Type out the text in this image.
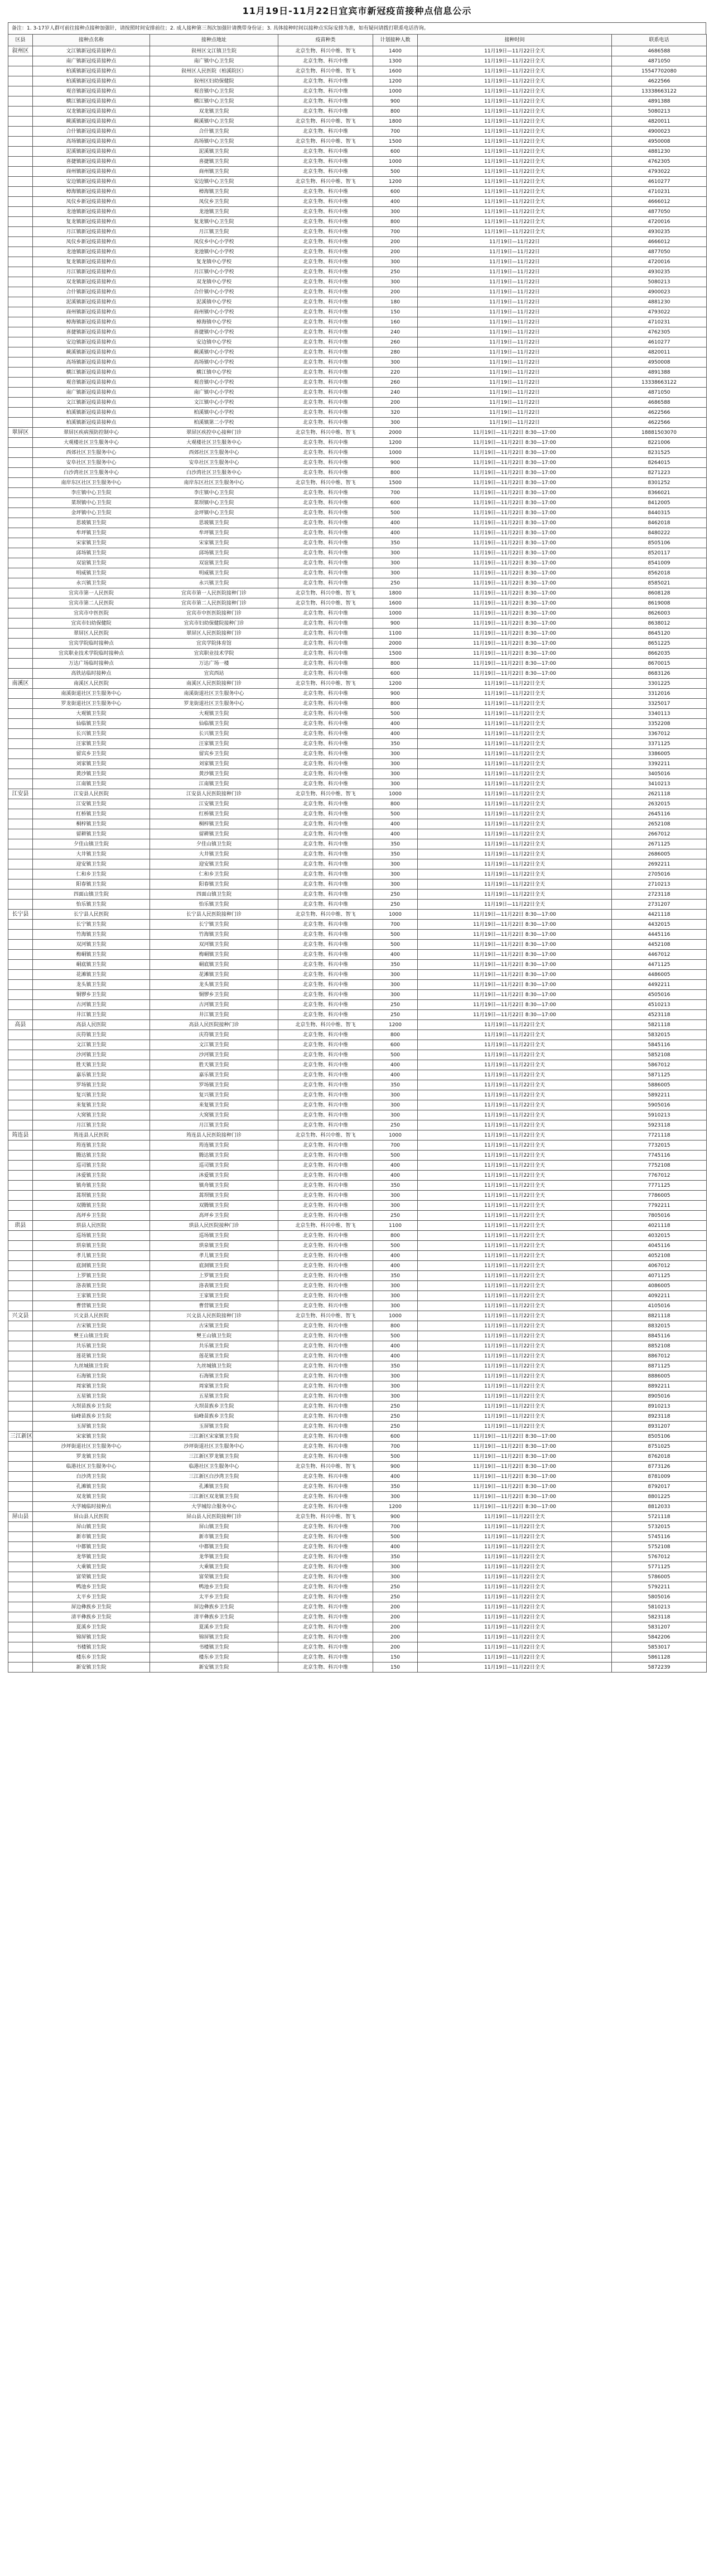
11月19日-11月22日宜宾市新冠疫苗接种点信息公示
备注：1. 3-17岁人群可前往接种点接种加强针，请按照时间安排前往；2. 成人接种第三剂次加强针请携带身份证；3. 具体接种时间以接种点实际安排为准，如有疑问请拨打联系电话咨询。
区县	接种点名称	接种点地址	疫苗种类	计划接种人数	接种时间	联系电话
叙州区	文江镇新冠疫苗接种点	叙州区文江镇卫生院	北京生物、科兴中维、智飞	1400	11月19日—11月22日全天	4686588
	南广镇新冠疫苗接种点	南广镇中心卫生院	北京生物、科兴中维	1300	11月19日—11月22日全天	4871050
	柏溪镇新冠疫苗接种点	叙州区人民医院（柏溪院区）	北京生物、科兴中维、智飞	1600	11月19日—11月22日全天	15547702080
	柏溪镇新冠疫苗接种点	叙州区妇幼保健院	北京生物、科兴中维	1200	11月19日—11月22日全天	4622566
	观音镇新冠疫苗接种点	观音镇中心卫生院	北京生物、科兴中维	1000	11月19日—11月22日全天	13338663122
	横江镇新冠疫苗接种点	横江镇中心卫生院	北京生物、科兴中维	900	11月19日—11月22日全天	4891388
	双龙镇新冠疫苗接种点	双龙镇卫生院	北京生物、科兴中维	800	11月19日—11月22日全天	5080213
	蕨溪镇新冠疫苗接种点	蕨溪镇中心卫生院	北京生物、科兴中维、智飞	1800	11月19日—11月22日全天	4820011
	合什镇新冠疫苗接种点	合什镇卫生院	北京生物、科兴中维	700	11月19日—11月22日全天	4900023
	高场镇新冠疫苗接种点	高场镇中心卫生院	北京生物、科兴中维、智飞	1500	11月19日—11月22日全天	4950008
	泥溪镇新冠疫苗接种点	泥溪镇卫生院	北京生物、科兴中维	600	11月19日—11月22日全天	4881230
	喜捷镇新冠疫苗接种点	喜捷镇卫生院	北京生物、科兴中维	1000	11月19日—11月22日全天	4762305
	商州镇新冠疫苗接种点	商州镇卫生院	北京生物、科兴中维	500	11月19日—11月22日全天	4793022
	安边镇新冠疫苗接种点	安边镇中心卫生院	北京生物、科兴中维、智飞	1200	11月19日—11月22日全天	4610277
	樟海镇新冠疫苗接种点	樟海镇卫生院	北京生物、科兴中维	600	11月19日—11月22日全天	4710231
	凤仪乡新冠疫苗接种点	凤仪乡卫生院	北京生物、科兴中维	400	11月19日—11月22日全天	4666012
	龙池镇新冠疫苗接种点	龙池镇卫生院	北京生物、科兴中维	300	11月19日—11月22日全天	4877050
	复龙镇新冠疫苗接种点	复龙镇中心卫生院	北京生物、科兴中维	800	11月19日—11月22日全天	4720016
	月江镇新冠疫苗接种点	月江镇卫生院	北京生物、科兴中维	700	11月19日—11月22日全天	4930235
	凤仪乡新冠疫苗接种点	凤仪乡中心小学校	北京生物、科兴中维	200	11月19日—11月22日	4666012
	龙池镇新冠疫苗接种点	龙池镇中心小学校	北京生物、科兴中维	200	11月19日—11月22日	4877050
	复龙镇新冠疫苗接种点	复龙镇中心学校	北京生物、科兴中维	300	11月19日—11月22日	4720016
	月江镇新冠疫苗接种点	月江镇中心小学校	北京生物、科兴中维	250	11月19日—11月22日	4930235
	双龙镇新冠疫苗接种点	双龙镇中心学校	北京生物、科兴中维	300	11月19日—11月22日	5080213
	合什镇新冠疫苗接种点	合什镇中心小学校	北京生物、科兴中维	200	11月19日—11月22日	4900023
	泥溪镇新冠疫苗接种点	泥溪镇中心学校	北京生物、科兴中维	180	11月19日—11月22日	4881230
	商州镇新冠疫苗接种点	商州镇中心小学校	北京生物、科兴中维	150	11月19日—11月22日	4793022
	樟海镇新冠疫苗接种点	樟海镇中心学校	北京生物、科兴中维	160	11月19日—11月22日	4710231
	喜捷镇新冠疫苗接种点	喜捷镇中心小学校	北京生物、科兴中维	240	11月19日—11月22日	4762305
	安边镇新冠疫苗接种点	安边镇中心学校	北京生物、科兴中维	260	11月19日—11月22日	4610277
	蕨溪镇新冠疫苗接种点	蕨溪镇中心小学校	北京生物、科兴中维	280	11月19日—11月22日	4820011
	高场镇新冠疫苗接种点	高场镇中心小学校	北京生物、科兴中维	300	11月19日—11月22日	4950008
	横江镇新冠疫苗接种点	横江镇中心学校	北京生物、科兴中维	220	11月19日—11月22日	4891388
	观音镇新冠疫苗接种点	观音镇中心小学校	北京生物、科兴中维	260	11月19日—11月22日	13338663122
	南广镇新冠疫苗接种点	南广镇中心小学校	北京生物、科兴中维	240	11月19日—11月22日	4871050
	文江镇新冠疫苗接种点	文江镇中心小学校	北京生物、科兴中维	200	11月19日—11月22日	4686588
	柏溪镇新冠疫苗接种点	柏溪镇中心小学校	北京生物、科兴中维	320	11月19日—11月22日	4622566
	柏溪镇新冠疫苗接种点	柏溪镇第二小学校	北京生物、科兴中维	300	11月19日—11月22日	4622566
翠屏区	翠屏区疾病预防控制中心	翠屏区疾控中心接种门诊	北京生物、科兴中维、智飞	2000	11月19日—11月22日 8:30—17:00	18881503070
	大观楼社区卫生服务中心	大观楼社区卫生服务中心	北京生物、科兴中维	1200	11月19日—11月22日 8:30—17:00	8221006
	西郊社区卫生服务中心	西郊社区卫生服务中心	北京生物、科兴中维	1000	11月19日—11月22日 8:30—17:00	8231525
	安阜社区卫生服务中心	安阜社区卫生服务中心	北京生物、科兴中维	900	11月19日—11月22日 8:30—17:00	8264015
	白沙湾社区卫生服务中心	白沙湾社区卫生服务中心	北京生物、科兴中维	800	11月19日—11月22日 8:30—17:00	8271223
	南岸东区社区卫生服务中心	南岸东区社区卫生服务中心	北京生物、科兴中维、智飞	1500	11月19日—11月22日 8:30—17:00	8301252
	李庄镇中心卫生院	李庄镇中心卫生院	北京生物、科兴中维	700	11月19日—11月22日 8:30—17:00	8366021
	菜坝镇中心卫生院	菜坝镇中心卫生院	北京生物、科兴中维	600	11月19日—11月22日 8:30—17:00	8412005
	金坪镇中心卫生院	金坪镇中心卫生院	北京生物、科兴中维	500	11月19日—11月22日 8:30—17:00	8440315
	思坡镇卫生院	思坡镇卫生院	北京生物、科兴中维	400	11月19日—11月22日 8:30—17:00	8462018
	牟坪镇卫生院	牟坪镇卫生院	北京生物、科兴中维	400	11月19日—11月22日 8:30—17:00	8480222
	宋家镇卫生院	宋家镇卫生院	北京生物、科兴中维	350	11月19日—11月22日 8:30—17:00	8505106
	邱场镇卫生院	邱场镇卫生院	北京生物、科兴中维	300	11月19日—11月22日 8:30—17:00	8520117
	双谊镇卫生院	双谊镇卫生院	北京生物、科兴中维	300	11月19日—11月22日 8:30—17:00	8541009
	明威镇卫生院	明威镇卫生院	北京生物、科兴中维	300	11月19日—11月22日 8:30—17:00	8562018
	永兴镇卫生院	永兴镇卫生院	北京生物、科兴中维	250	11月19日—11月22日 8:30—17:00	8585021
	宜宾市第一人民医院	宜宾市第一人民医院接种门诊	北京生物、科兴中维、智飞	1800	11月19日—11月22日 8:30—17:00	8608128
	宜宾市第二人民医院	宜宾市第二人民医院接种门诊	北京生物、科兴中维、智飞	1600	11月19日—11月22日 8:30—17:00	8619008
	宜宾市中医医院	宜宾市中医医院接种门诊	北京生物、科兴中维	1000	11月19日—11月22日 8:30—17:00	8626003
	宜宾市妇幼保健院	宜宾市妇幼保健院接种门诊	北京生物、科兴中维	900	11月19日—11月22日 8:30—17:00	8638012
	翠屏区人民医院	翠屏区人民医院接种门诊	北京生物、科兴中维	1100	11月19日—11月22日 8:30—17:00	8645120
	宜宾学院临时接种点	宜宾学院体育馆	北京生物、科兴中维	2000	11月19日—11月22日 8:30—17:00	8651225
	宜宾职业技术学院临时接种点	宜宾职业技术学院	北京生物、科兴中维	1500	11月19日—11月22日 8:30—17:00	8662035
	万达广场临时接种点	万达广场一楼	北京生物、科兴中维	800	11月19日—11月22日 8:30—17:00	8670015
	高铁站临时接种点	宜宾西站	北京生物、科兴中维	600	11月19日—11月22日 8:30—17:00	8683126
南溪区	南溪区人民医院	南溪区人民医院接种门诊	北京生物、科兴中维、智飞	1200	11月19日—11月22日全天	3301225
	南溪街道社区卫生服务中心	南溪街道社区卫生服务中心	北京生物、科兴中维	900	11月19日—11月22日全天	3312016
	罗龙街道社区卫生服务中心	罗龙街道社区卫生服务中心	北京生物、科兴中维	800	11月19日—11月22日全天	3325017
	大观镇卫生院	大观镇卫生院	北京生物、科兴中维	500	11月19日—11月22日全天	3340113
	仙临镇卫生院	仙临镇卫生院	北京生物、科兴中维	400	11月19日—11月22日全天	3352208
	长兴镇卫生院	长兴镇卫生院	北京生物、科兴中维	400	11月19日—11月22日全天	3367012
	汪家镇卫生院	汪家镇卫生院	北京生物、科兴中维	350	11月19日—11月22日全天	3371125
	留宾乡卫生院	留宾乡卫生院	北京生物、科兴中维	300	11月19日—11月22日全天	3386005
	刘家镇卫生院	刘家镇卫生院	北京生物、科兴中维	300	11月19日—11月22日全天	3392211
	黄沙镇卫生院	黄沙镇卫生院	北京生物、科兴中维	300	11月19日—11月22日全天	3405016
	江南镇卫生院	江南镇卫生院	北京生物、科兴中维	300	11月19日—11月22日全天	3410213
江安县	江安县人民医院	江安县人民医院接种门诊	北京生物、科兴中维、智飞	1000	11月19日—11月22日全天	2621118
	江安镇卫生院	江安镇卫生院	北京生物、科兴中维	800	11月19日—11月22日全天	2632015
	红桥镇卫生院	红桥镇卫生院	北京生物、科兴中维	500	11月19日—11月22日全天	2645116
	桐梓镇卫生院	桐梓镇卫生院	北京生物、科兴中维	400	11月19日—11月22日全天	2652108
	留耕镇卫生院	留耕镇卫生院	北京生物、科兴中维	400	11月19日—11月22日全天	2667012
	夕佳山镇卫生院	夕佳山镇卫生院	北京生物、科兴中维	350	11月19日—11月22日全天	2671125
	大井镇卫生院	大井镇卫生院	北京生物、科兴中维	350	11月19日—11月22日全天	2686005
	迎安镇卫生院	迎安镇卫生院	北京生物、科兴中维	300	11月19日—11月22日全天	2692211
	仁和乡卫生院	仁和乡卫生院	北京生物、科兴中维	300	11月19日—11月22日全天	2705016
	阳春镇卫生院	阳春镇卫生院	北京生物、科兴中维	300	11月19日—11月22日全天	2710213
	四面山镇卫生院	四面山镇卫生院	北京生物、科兴中维	250	11月19日—11月22日全天	2723118
	怡乐镇卫生院	怡乐镇卫生院	北京生物、科兴中维	250	11月19日—11月22日全天	2731207
长宁县	长宁县人民医院	长宁县人民医院接种门诊	北京生物、科兴中维、智飞	1000	11月19日—11月22日 8:30—17:00	4421118
	长宁镇卫生院	长宁镇卫生院	北京生物、科兴中维	700	11月19日—11月22日 8:30—17:00	4432015
	竹海镇卫生院	竹海镇卫生院	北京生物、科兴中维	500	11月19日—11月22日 8:30—17:00	4445116
	双河镇卫生院	双河镇卫生院	北京生物、科兴中维	500	11月19日—11月22日 8:30—17:00	4452108
	梅硐镇卫生院	梅硐镇卫生院	北京生物、科兴中维	400	11月19日—11月22日 8:30—17:00	4467012
	硐底镇卫生院	硐底镇卫生院	北京生物、科兴中维	350	11月19日—11月22日 8:30—17:00	4471125
	花滩镇卫生院	花滩镇卫生院	北京生物、科兴中维	300	11月19日—11月22日 8:30—17:00	4486005
	龙头镇卫生院	龙头镇卫生院	北京生物、科兴中维	300	11月19日—11月22日 8:30—17:00	4492211
	铜锣乡卫生院	铜锣乡卫生院	北京生物、科兴中维	300	11月19日—11月22日 8:30—17:00	4505016
	古河镇卫生院	古河镇卫生院	北京生物、科兴中维	250	11月19日—11月22日 8:30—17:00	4510213
	井江镇卫生院	井江镇卫生院	北京生物、科兴中维	250	11月19日—11月22日 8:30—17:00	4523118
高县	高县人民医院	高县人民医院接种门诊	北京生物、科兴中维、智飞	1200	11月19日—11月22日全天	5821118
	庆符镇卫生院	庆符镇卫生院	北京生物、科兴中维	800	11月19日—11月22日全天	5832015
	文江镇卫生院	文江镇卫生院	北京生物、科兴中维	600	11月19日—11月22日全天	5845116
	沙河镇卫生院	沙河镇卫生院	北京生物、科兴中维	500	11月19日—11月22日全天	5852108
	胜天镇卫生院	胜天镇卫生院	北京生物、科兴中维	400	11月19日—11月22日全天	5867012
	嘉乐镇卫生院	嘉乐镇卫生院	北京生物、科兴中维	400	11月19日—11月22日全天	5871125
	罗场镇卫生院	罗场镇卫生院	北京生物、科兴中维	350	11月19日—11月22日全天	5886005
	复兴镇卫生院	复兴镇卫生院	北京生物、科兴中维	300	11月19日—11月22日全天	5892211
	来复镇卫生院	来复镇卫生院	北京生物、科兴中维	300	11月19日—11月22日全天	5905016
	大窝镇卫生院	大窝镇卫生院	北京生物、科兴中维	300	11月19日—11月22日全天	5910213
	月江镇卫生院	月江镇卫生院	北京生物、科兴中维	250	11月19日—11月22日全天	5923118
筠连县	筠连县人民医院	筠连县人民医院接种门诊	北京生物、科兴中维、智飞	1000	11月19日—11月22日全天	7721118
	筠连镇卫生院	筠连镇卫生院	北京生物、科兴中维	700	11月19日—11月22日全天	7732015
	腾达镇卫生院	腾达镇卫生院	北京生物、科兴中维	500	11月19日—11月22日全天	7745116
	巡司镇卫生院	巡司镇卫生院	北京生物、科兴中维	400	11月19日—11月22日全天	7752108
	沐爱镇卫生院	沐爱镇卫生院	北京生物、科兴中维	400	11月19日—11月22日全天	7767012
	镇舟镇卫生院	镇舟镇卫生院	北京生物、科兴中维	350	11月19日—11月22日全天	7771125
	蒿坝镇卫生院	蒿坝镇卫生院	北京生物、科兴中维	300	11月19日—11月22日全天	7786005
	双腾镇卫生院	双腾镇卫生院	北京生物、科兴中维	300	11月19日—11月22日全天	7792211
	高坪乡卫生院	高坪乡卫生院	北京生物、科兴中维	250	11月19日—11月22日全天	7805016
珙县	珙县人民医院	珙县人民医院接种门诊	北京生物、科兴中维、智飞	1100	11月19日—11月22日全天	4021118
	巡场镇卫生院	巡场镇卫生院	北京生物、科兴中维	800	11月19日—11月22日全天	4032015
	珙泉镇卫生院	珙泉镇卫生院	北京生物、科兴中维	500	11月19日—11月22日全天	4045116
	孝儿镇卫生院	孝儿镇卫生院	北京生物、科兴中维	400	11月19日—11月22日全天	4052108
	底洞镇卫生院	底洞镇卫生院	北京生物、科兴中维	400	11月19日—11月22日全天	4067012
	上罗镇卫生院	上罗镇卫生院	北京生物、科兴中维	350	11月19日—11月22日全天	4071125
	洛表镇卫生院	洛表镇卫生院	北京生物、科兴中维	300	11月19日—11月22日全天	4086005
	王家镇卫生院	王家镇卫生院	北京生物、科兴中维	300	11月19日—11月22日全天	4092211
	曹营镇卫生院	曹营镇卫生院	北京生物、科兴中维	300	11月19日—11月22日全天	4105016
兴文县	兴文县人民医院	兴文县人民医院接种门诊	北京生物、科兴中维、智飞	1000	11月19日—11月22日全天	8821118
	古宋镇卫生院	古宋镇卫生院	北京生物、科兴中维	800	11月19日—11月22日全天	8832015
	僰王山镇卫生院	僰王山镇卫生院	北京生物、科兴中维	500	11月19日—11月22日全天	8845116
	共乐镇卫生院	共乐镇卫生院	北京生物、科兴中维	400	11月19日—11月22日全天	8852108
	莲花镇卫生院	莲花镇卫生院	北京生物、科兴中维	400	11月19日—11月22日全天	8867012
	九丝城镇卫生院	九丝城镇卫生院	北京生物、科兴中维	350	11月19日—11月22日全天	8871125
	石海镇卫生院	石海镇卫生院	北京生物、科兴中维	300	11月19日—11月22日全天	8886005
	周家镇卫生院	周家镇卫生院	北京生物、科兴中维	300	11月19日—11月22日全天	8892211
	五星镇卫生院	五星镇卫生院	北京生物、科兴中维	300	11月19日—11月22日全天	8905016
	大坝苗族乡卫生院	大坝苗族乡卫生院	北京生物、科兴中维	250	11月19日—11月22日全天	8910213
	仙峰苗族乡卫生院	仙峰苗族乡卫生院	北京生物、科兴中维	250	11月19日—11月22日全天	8923118
	玉屏镇卫生院	玉屏镇卫生院	北京生物、科兴中维	250	11月19日—11月22日全天	8931207
三江新区	宋家镇卫生院	三江新区宋家镇卫生院	北京生物、科兴中维	600	11月19日—11月22日 8:30—17:00	8505106
	沙坪街道社区卫生服务中心	沙坪街道社区卫生服务中心	北京生物、科兴中维	700	11月19日—11月22日 8:30—17:00	8751025
	罗龙镇卫生院	三江新区罗龙镇卫生院	北京生物、科兴中维	500	11月19日—11月22日 8:30—17:00	8762018
	临港社区卫生服务中心	临港社区卫生服务中心	北京生物、科兴中维、智飞	900	11月19日—11月22日 8:30—17:00	8773126
	白沙湾卫生院	三江新区白沙湾卫生院	北京生物、科兴中维	400	11月19日—11月22日 8:30—17:00	8781009
	孔滩镇卫生院	孔滩镇卫生院	北京生物、科兴中维	350	11月19日—11月22日 8:30—17:00	8792017
	双龙镇卫生院	三江新区双龙镇卫生院	北京生物、科兴中维	300	11月19日—11月22日 8:30—17:00	8801225
	大学城临时接种点	大学城综合服务中心	北京生物、科兴中维	1200	11月19日—11月22日 8:30—17:00	8812033
屏山县	屏山县人民医院	屏山县人民医院接种门诊	北京生物、科兴中维、智飞	900	11月19日—11月22日全天	5721118
	屏山镇卫生院	屏山镇卫生院	北京生物、科兴中维	700	11月19日—11月22日全天	5732015
	新市镇卫生院	新市镇卫生院	北京生物、科兴中维	500	11月19日—11月22日全天	5745116
	中都镇卫生院	中都镇卫生院	北京生物、科兴中维	400	11月19日—11月22日全天	5752108
	龙华镇卫生院	龙华镇卫生院	北京生物、科兴中维	350	11月19日—11月22日全天	5767012
	大乘镇卫生院	大乘镇卫生院	北京生物、科兴中维	300	11月19日—11月22日全天	5771125
	富荣镇卫生院	富荣镇卫生院	北京生物、科兴中维	300	11月19日—11月22日全天	5786005
	鸭池乡卫生院	鸭池乡卫生院	北京生物、科兴中维	250	11月19日—11月22日全天	5792211
	太平乡卫生院	太平乡卫生院	北京生物、科兴中维	250	11月19日—11月22日全天	5805016
	屏边彝族乡卫生院	屏边彝族乡卫生院	北京生物、科兴中维	200	11月19日—11月22日全天	5810213
	清平彝族乡卫生院	清平彝族乡卫生院	北京生物、科兴中维	200	11月19日—11月22日全天	5823118
	夏溪乡卫生院	夏溪乡卫生院	北京生物、科兴中维	200	11月19日—11月22日全天	5831207
	锦屏镇卫生院	锦屏镇卫生院	北京生物、科兴中维	200	11月19日—11月22日全天	5842206
	书楼镇卫生院	书楼镇卫生院	北京生物、科兴中维	200	11月19日—11月22日全天	5853017
	楼东乡卫生院	楼东乡卫生院	北京生物、科兴中维	150	11月19日—11月22日全天	5861128
	新安镇卫生院	新安镇卫生院	北京生物、科兴中维	150	11月19日—11月22日全天	5872239
